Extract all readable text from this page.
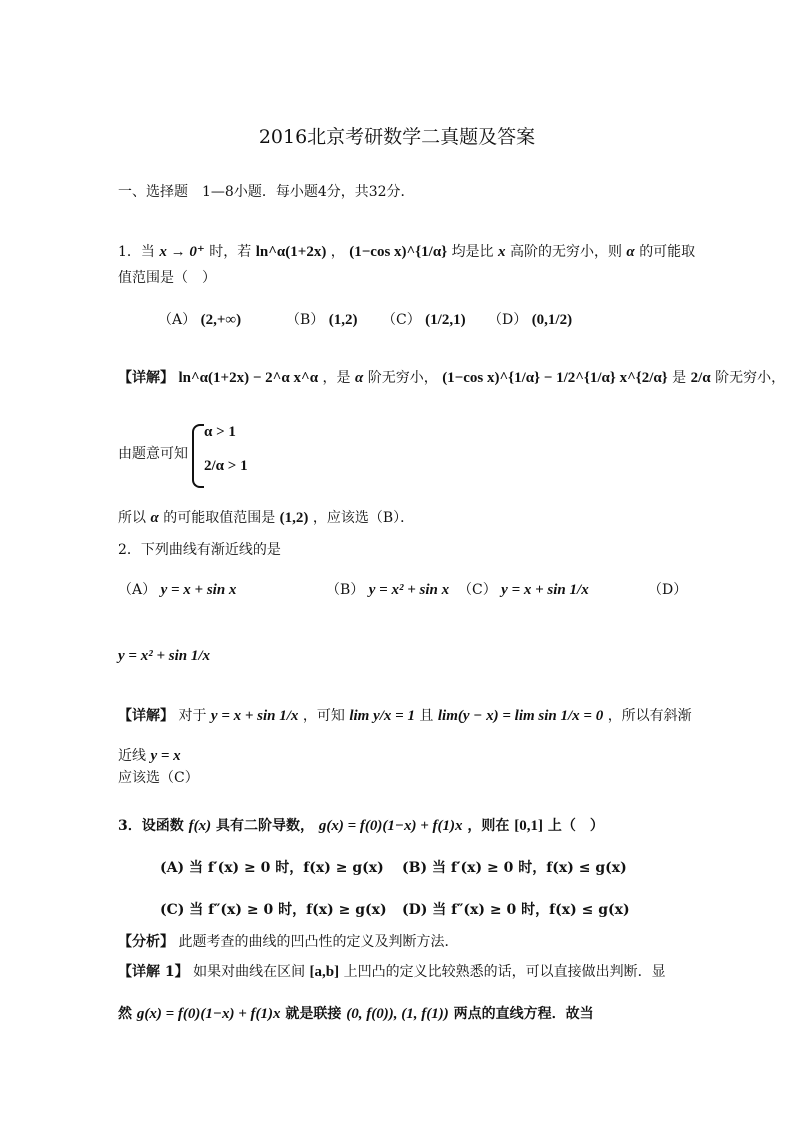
2016北京考研数学二真题及答案
一、选择题　1—8小题．每小题4分，共32分．
1．当 x → 0⁺ 时，若 ln^α(1+2x) ， (1−cos x)^{1/α} 均是比 x 高阶的无穷小，则 α 的可能取
值范围是（　）
（A） (2,+∞)	（B） (1,2) （C） (1/2,1) （D） (0,1/2)
【详解】 ln^α(1+2x) − 2^α x^α ，是 α 阶无穷小， (1−cos x)^{1/α} − 1/2^{1/α} x^{2/α} 是 2/α 阶无穷小，
由题意可知
α > 1
2/α > 1
所以 α 的可能取值范围是 (1,2) ，应该选（B）．
2．下列曲线有渐近线的是
（A） y = x + sin x	（B） y = x² + sin x （C） y = x + sin 1/x	（D）
y = x² + sin 1/x
【详解】 对于 y = x + sin 1/x ，可知 lim y/x = 1 且 lim(y − x) = lim sin 1/x = 0 ，所以有斜渐
近线 y = x
应该选（C）
3．设函数 f(x) 具有二阶导数， g(x) = f(0)(1−x) + f(1)x ，则在 [0,1] 上（　）
(A) 当 f′(x) ≥ 0 时，f(x) ≥ g(x) (B) 当 f′(x) ≥ 0 时，f(x) ≤ g(x)
(C) 当 f″(x) ≥ 0 时，f(x) ≥ g(x) (D) 当 f″(x) ≥ 0 时，f(x) ≤ g(x)
【分析】 此题考查的曲线的凹凸性的定义及判断方法．
【详解 1】 如果对曲线在区间 [a,b] 上凹凸的定义比较熟悉的话，可以直接做出判断．显
然 g(x) = f(0)(1−x) + f(1)x 就是联接 (0, f(0)), (1, f(1)) 两点的直线方程．故当
